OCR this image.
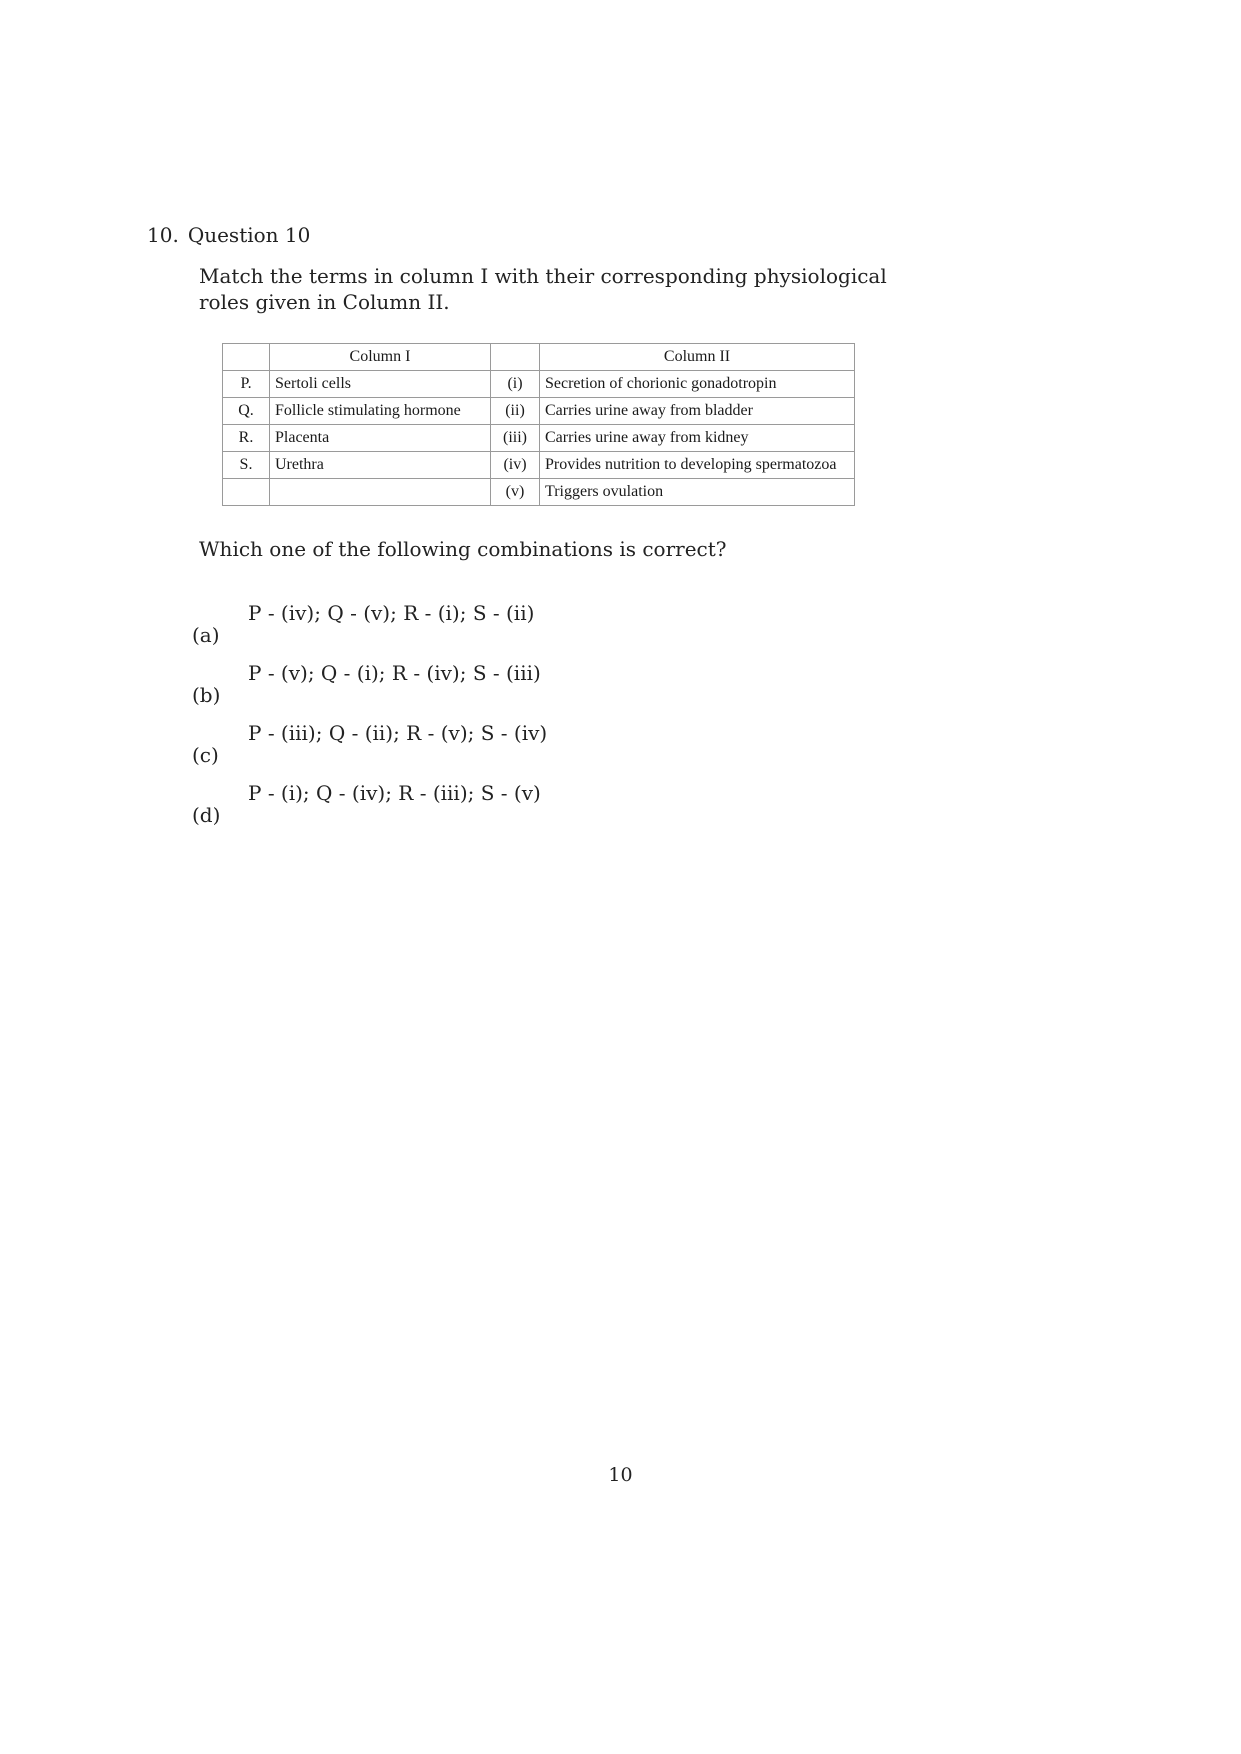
10. Question 10
Match the terms in column I with their corresponding physiological roles given in Column II.
	Column I		Column II
P.	Sertoli cells	(i)	Secretion of chorionic gonadotropin
Q.	Follicle stimulating hormone	(ii)	Carries urine away from bladder
R.	Placenta	(iii)	Carries urine away from kidney
S.	Urethra	(iv)	Provides nutrition to developing spermatozoa
		(v)	Triggers ovulation
Which one of the following combinations is correct?
(a)
P - (iv); Q - (v); R - (i); S - (ii)
(b)
P - (v); Q - (i); R - (iv); S - (iii)
(c)
P - (iii); Q - (ii); R - (v); S - (iv)
(d)
P - (i); Q - (iv); R - (iii); S - (v)
10
